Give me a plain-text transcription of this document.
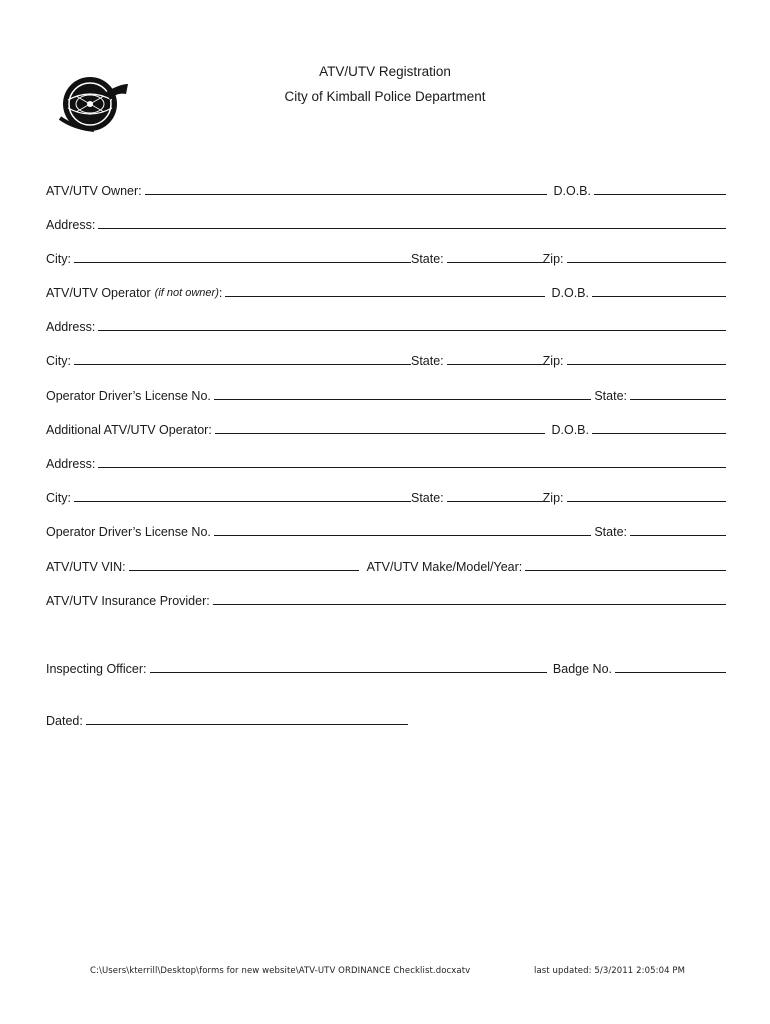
ATV/UTV Registration
City of Kimball Police Department
ATV/UTV Owner:	D.O.B.
Address:
City:	State:	Zip:
ATV/UTV Operator (if not owner) :	D.O.B.
Address:
City:	State:	Zip:
Operator Driver’s License No.	State:
Additional ATV/UTV Operator:	D.O.B.
Address:
City:	State:	Zip:
Operator Driver’s License No.	State:
ATV/UTV VIN:	ATV/UTV Make/Model/Year:
ATV/UTV Insurance Provider:
Inspecting Officer:	Badge No.
Dated:
C:\Users\kterrill\Desktop\forms for new website\ATV-UTV ORDINANCE Checklist.docxatv	last updated: 5/3/2011 2:05:04 PM
